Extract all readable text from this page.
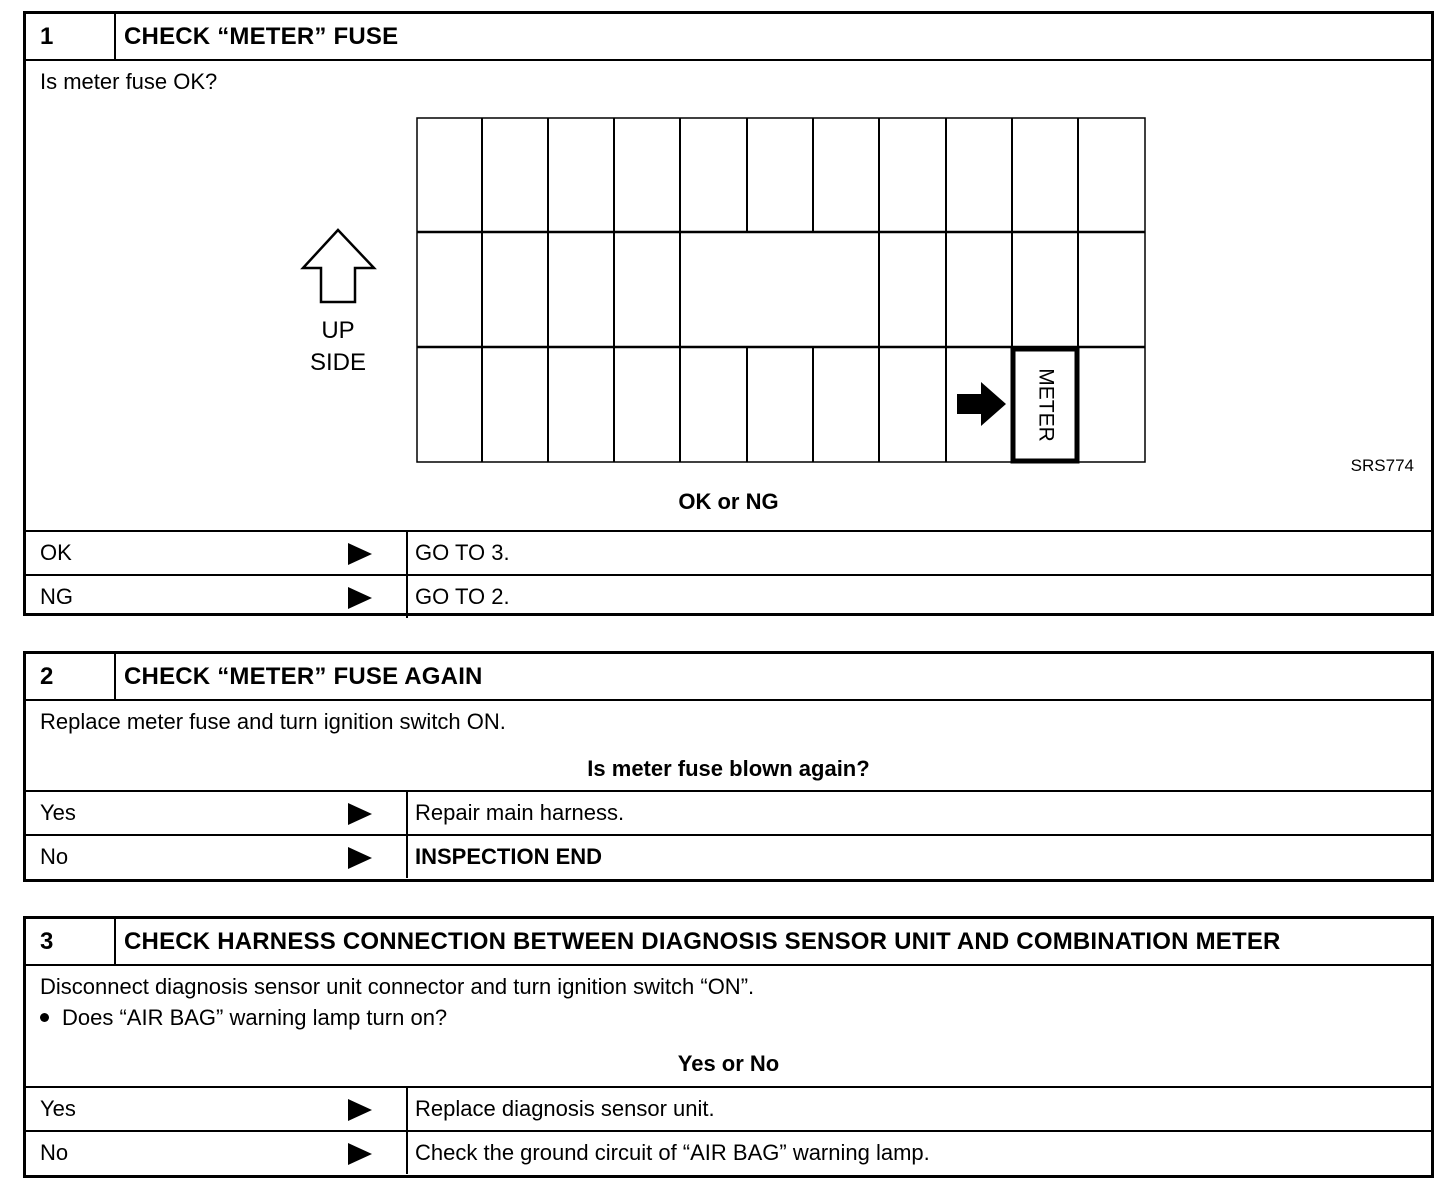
1	CHECK “METER” FUSE
Is meter fuse OK?
UP
SIDE
METER
SRS774
OK or NG
OK	GO TO 3.
NG	GO TO 2.
2	CHECK “METER” FUSE AGAIN
Replace meter fuse and turn ignition switch ON.
Is meter fuse blown again?
Yes	Repair main harness.
No	INSPECTION END
3	CHECK HARNESS CONNECTION BETWEEN DIAGNOSIS SENSOR UNIT AND COMBINATION METER
Disconnect diagnosis sensor unit connector and turn ignition switch “ON”.
Does “AIR BAG” warning lamp turn on?
Yes or No
Yes	Replace diagnosis sensor unit.
No	Check the ground circuit of “AIR BAG” warning lamp.
